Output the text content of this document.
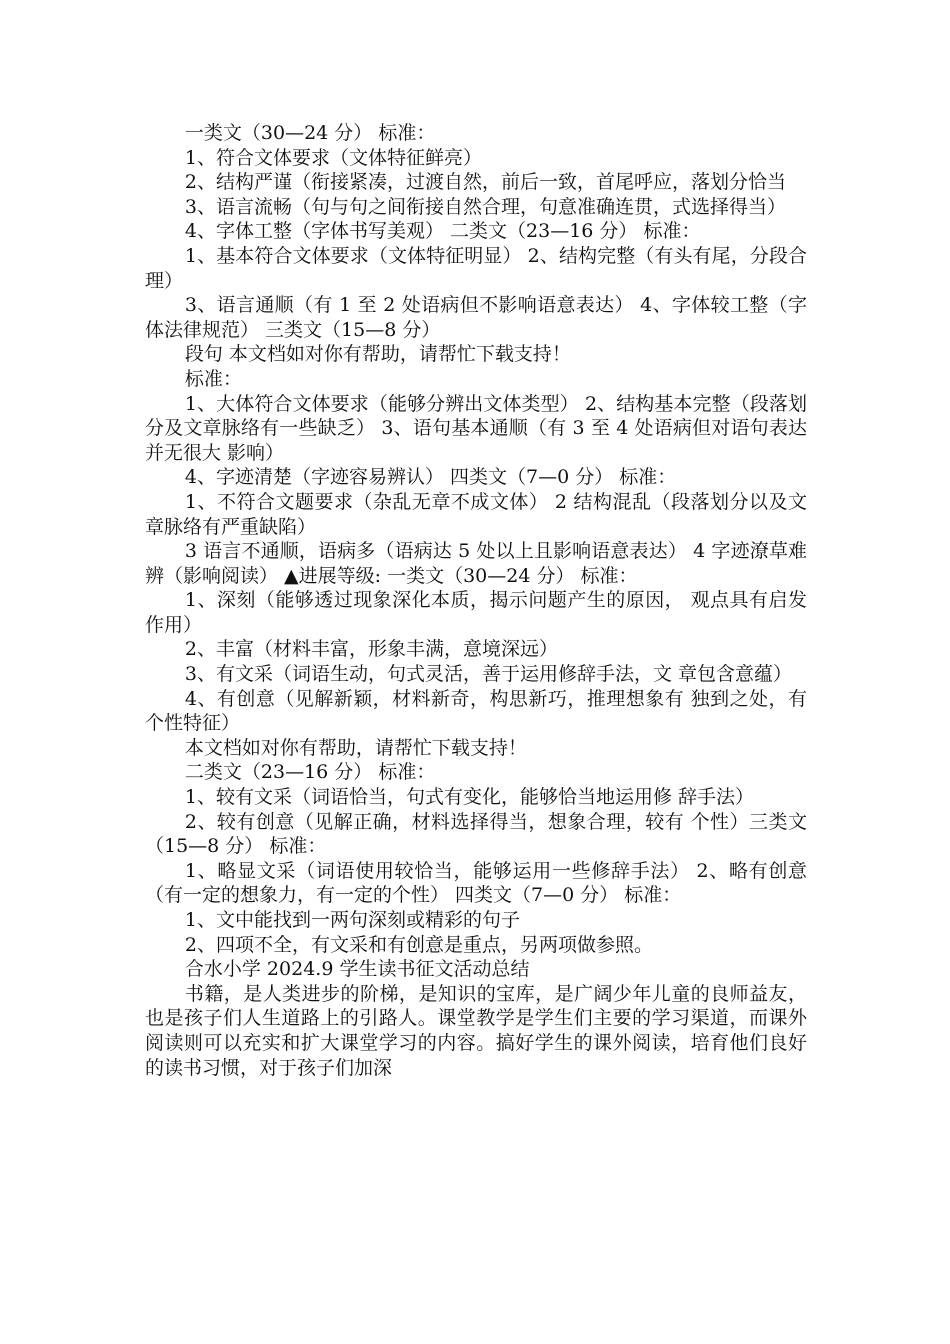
一类文（30—24 分） 标准：

1、符合文体要求（文体特征鲜亮）

2、结构严谨（衔接紧凑，过渡自然，前后一致，首尾呼应，落划分恰当

3、语言流畅（句与句之间衔接自然合理，句意准确连贯，式选择得当）

4、字体工整（字体书写美观） 二类文（23—16 分） 标准：

1、基本符合文体要求（文体特征明显） 2、结构完整（有头有尾，分段合理）

3、语言通顺（有 1 至 2 处语病但不影响语意表达） 4、字体较工整（字体法律规范） 三类文（15—8 分）

段句 本文档如对你有帮助，请帮忙下载支持！

标准：

1、大体符合文体要求（能够分辨出文体类型） 2、结构基本完整（段落划分及文章脉络有一些缺乏） 3、语句基本通顺（有 3 至 4 处语病但对语句表达并无很大 影响）

4、字迹清楚（字迹容易辨认） 四类文（7—0 分） 标准：

1、不符合文题要求（杂乱无章不成文体） 2 结构混乱（段落划分以及文章脉络有严重缺陷）

3 语言不通顺，语病多（语病达 5 处以上且影响语意表达） 4 字迹潦草难辨（影响阅读） ▲进展等级: 一类文（30—24 分） 标准：

1、深刻（能够透过现象深化本质，揭示问题产生的原因， 观点具有启发作用）

2、丰富（材料丰富，形象丰满，意境深远）

3、有文采（词语生动，句式灵活，善于运用修辞手法，文 章包含意蕴）

4、有创意（见解新颖，材料新奇，构思新巧，推理想象有 独到之处，有个性特征）

本文档如对你有帮助，请帮忙下载支持！

二类文（23—16 分） 标准：

1、较有文采（词语恰当，句式有变化，能够恰当地运用修 辞手法）

2、较有创意（见解正确，材料选择得当，想象合理，较有 个性）三类文（15—8 分） 标准：

1、略显文采（词语使用较恰当，能够运用一些修辞手法） 2、略有创意（有一定的想象力，有一定的个性） 四类文（7—0 分） 标准：

1、文中能找到一两句深刻或精彩的句子

2、四项不全，有文采和有创意是重点，另两项做参照。

合水小学 2024.9 学生读书征文活动总结

书籍，是人类进步的阶梯，是知识的宝库，是广阔少年儿童的良师益友，也是孩子们人生道路上的引路人。课堂教学是学生们主要的学习渠道，而课外阅读则可以充实和扩大课堂学习的内容。搞好学生的课外阅读，培育他们良好的读书习惯，对于孩子们加深
